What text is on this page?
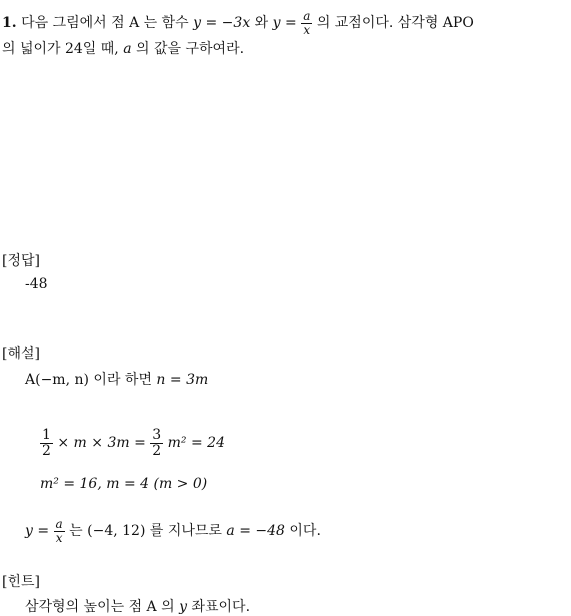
1. 다음 그림에서 점 A 는 함수 y = −3x 와 $y = \frac{a}{x}$ 의 교점이다. 삼각형 APO
의 넓이가 24일 때, a 의 값을 구하여라.
[정답]
-48
[해설]
A(−m, n) 이라 하면 n = 3m
$\frac{1}{2} \times m \times 3m = \frac{3}{2} m^2 = 24$
m² = 16, m = 4 (m > 0)
$y = \frac{a}{x}$ 는 (−4, 12) 를 지나므로 a = −48 이다.
[힌트]
삼각형의 높이는 점 A 의 y 좌표이다.
